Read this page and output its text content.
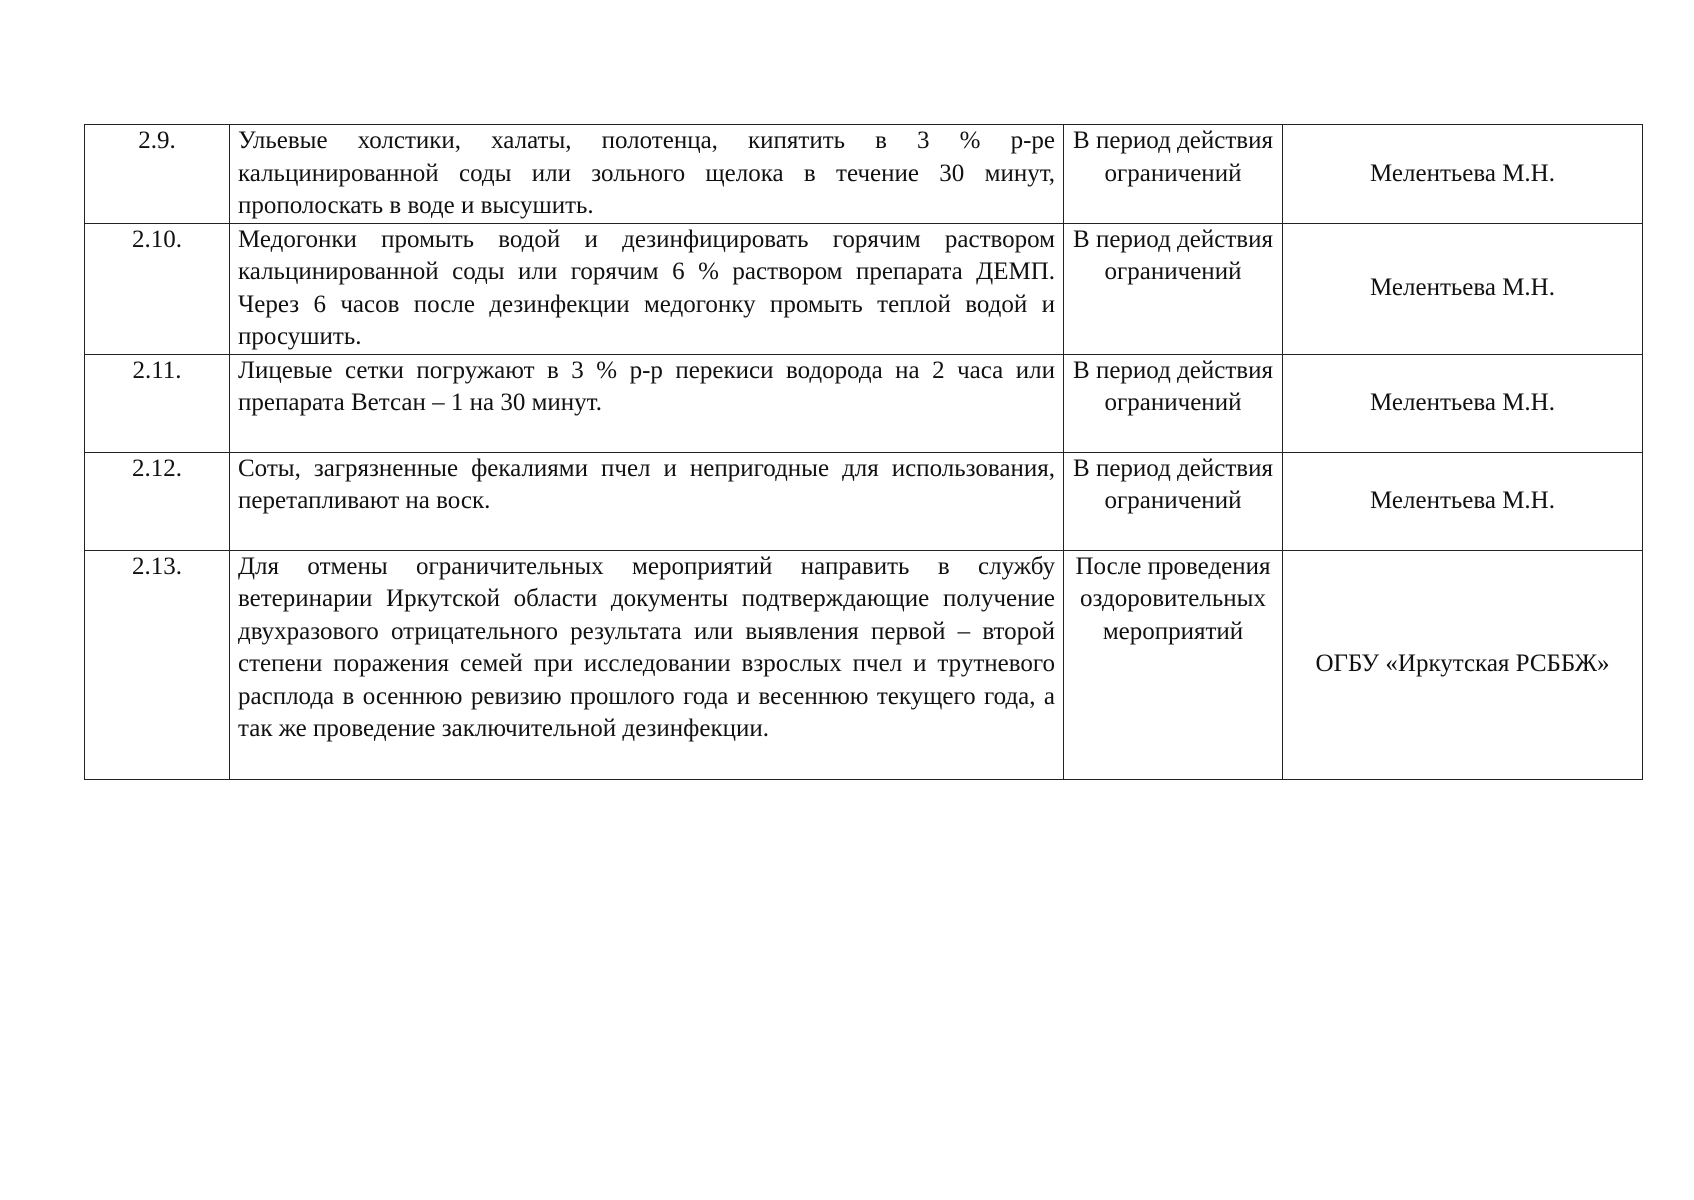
2.9.	Ульевые холстики, халаты, полотенца, кипятить в 3 % р-ре кальцинированной соды или зольного щелока в течение 30 минут, прополоскать в воде и высушить.	В период действия ограничений	Мелентьева М.Н.
2.10.	Медогонки промыть водой и дезинфицировать горячим раствором кальцинированной соды или горячим 6 % раствором препарата ДЕМП. Через 6 часов после дезинфекции медогонку промыть теплой водой и просушить.	В период действия ограничений	Мелентьева М.Н.
2.11.	Лицевые сетки погружают в 3 % р-р перекиси водорода на 2 часа или препарата Ветсан – 1 на 30 минут.	В период действия ограничений	Мелентьева М.Н.
2.12.	Соты, загрязненные фекалиями пчел и непригодные для использования, перетапливают на воск.	В период действия ограничений	Мелентьева М.Н.
2.13.	Для отмены ограничительных мероприятий направить в службу ветеринарии Иркутской области документы подтверждающие получение двухразового отрицательного результата или выявления первой – второй степени поражения семей при исследовании взрослых пчел и трутневого расплода в осеннюю ревизию прошлого года и весеннюю текущего года, а так же проведение заключительной дезинфекции.	После проведения оздоровительных мероприятий	ОГБУ «Иркутская РСББЖ»
